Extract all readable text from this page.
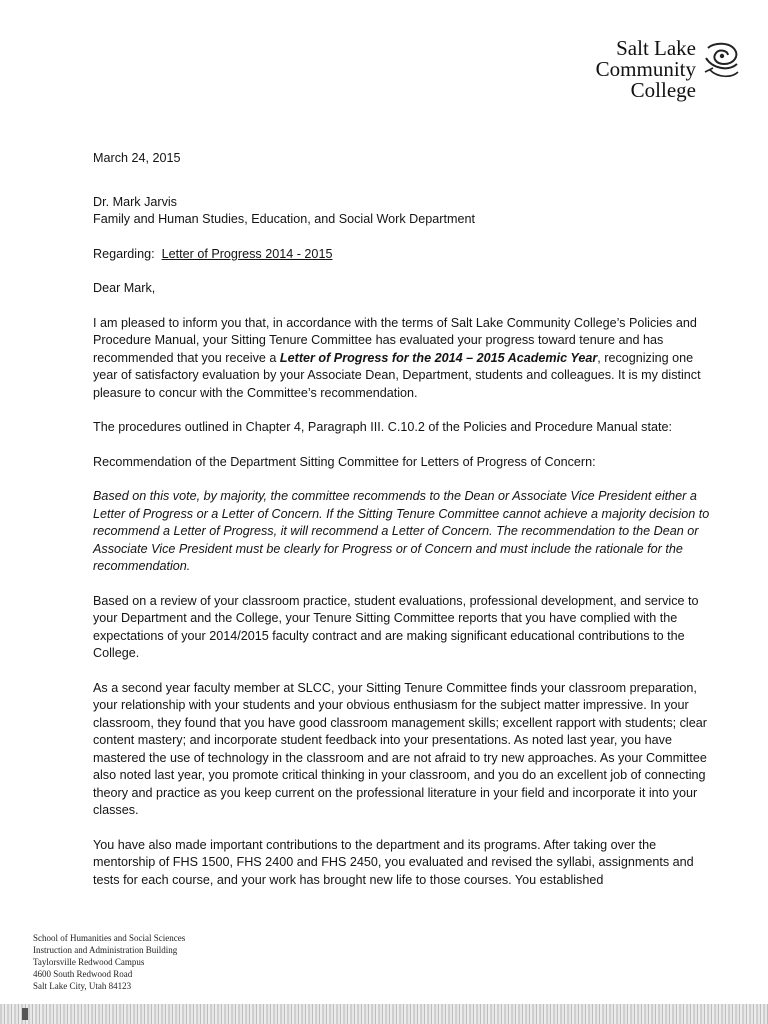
Salt Lake
Community
College

March 24, 2015

Dr. Mark Jarvis

Family and Human Studies, Education, and Social Work Department

Regarding: Letter of Progress 2014 - 2015

Dear Mark,

I am pleased to inform you that, in accordance with the terms of Salt Lake Community College’s Policies and Procedure Manual, your Sitting Tenure Committee has evaluated your progress toward tenure and has recommended that you receive a Letter of Progress for the 2014 – 2015 Academic Year, recognizing one year of satisfactory evaluation by your Associate Dean, Department, students and colleagues. It is my distinct pleasure to concur with the Committee’s recommendation.

The procedures outlined in Chapter 4, Paragraph III. C.10.2 of the Policies and Procedure Manual state:

Recommendation of the Department Sitting Committee for Letters of Progress of Concern:

Based on this vote, by majority, the committee recommends to the Dean or Associate Vice President either a Letter of Progress or a Letter of Concern. If the Sitting Tenure Committee cannot achieve a majority decision to recommend a Letter of Progress, it will recommend a Letter of Concern. The recommendation to the Dean or Associate Vice President must be clearly for Progress or of Concern and must include the rationale for the recommendation.

Based on a review of your classroom practice, student evaluations, professional development, and service to your Department and the College, your Tenure Sitting Committee reports that you have complied with the expectations of your 2014/2015 faculty contract and are making significant educational contributions to the College.

As a second year faculty member at SLCC, your Sitting Tenure Committee finds your classroom preparation, your relationship with your students and your obvious enthusiasm for the subject matter impressive. In your classroom, they found that you have good classroom management skills; excellent rapport with students; clear content mastery; and incorporate student feedback into your presentations. As noted last year, you have mastered the use of technology in the classroom and are not afraid to try new approaches. As your Committee also noted last year, you promote critical thinking in your classroom, and you do an excellent job of connecting theory and practice as you keep current on the professional literature in your field and incorporate it into your classes.

You have also made important contributions to the department and its programs. After taking over the mentorship of FHS 1500, FHS 2400 and FHS 2450, you evaluated and revised the syllabi, assignments and tests for each course, and your work has brought new life to those courses. You established

School of Humanities and Social Sciences
Instruction and Administration Building
Taylorsville Redwood Campus
4600 South Redwood Road
Salt Lake City, Utah 84123
